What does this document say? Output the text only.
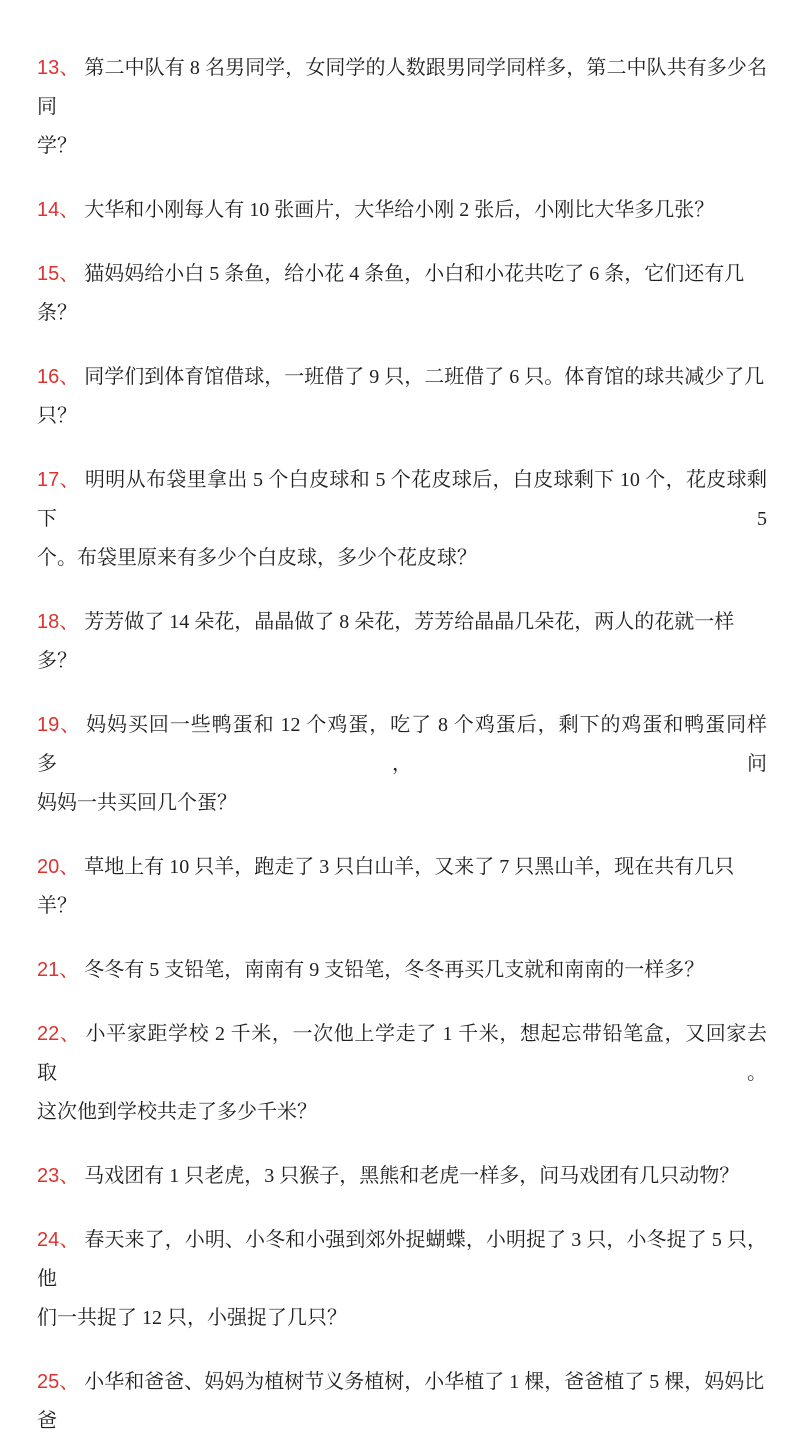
13、 第二中队有 8 名男同学，女同学的人数跟男同学同样多，第二中队共有多少名同
学？
14、 大华和小刚每人有 10 张画片，大华给小刚 2 张后，小刚比大华多几张？
15、 猫妈妈给小白 5 条鱼，给小花 4 条鱼，小白和小花共吃了 6 条，它们还有几条？
16、 同学们到体育馆借球，一班借了 9 只，二班借了 6 只。体育馆的球共减少了几只？
17、 明明从布袋里拿出 5 个白皮球和 5 个花皮球后，白皮球剩下 10 个，花皮球剩下 5
个。布袋里原来有多少个白皮球，多少个花皮球？
18、 芳芳做了 14 朵花，晶晶做了 8 朵花，芳芳给晶晶几朵花，两人的花就一样多？
19、 妈妈买回一些鸭蛋和 12 个鸡蛋，吃了 8 个鸡蛋后，剩下的鸡蛋和鸭蛋同样多，问
妈妈一共买回几个蛋？
20、 草地上有 10 只羊，跑走了 3 只白山羊，又来了 7 只黑山羊，现在共有几只羊？
21、 冬冬有 5 支铅笔，南南有 9 支铅笔，冬冬再买几支就和南南的一样多？
22、 小平家距学校 2 千米，一次他上学走了 1 千米，想起忘带铅笔盒，又回家去取。
这次他到学校共走了多少千米？
23、 马戏团有 1 只老虎，3 只猴子，黑熊和老虎一样多，问马戏团有几只动物？
24、 春天来了，小明、小冬和小强到郊外捉蝴蝶，小明捉了 3 只，小冬捉了 5 只，他
们一共捉了 12 只，小强捉了几只？
25、 小华和爸爸、妈妈为植树节义务植树，小华植了 1 棵，爸爸植了 5 棵，妈妈比爸
